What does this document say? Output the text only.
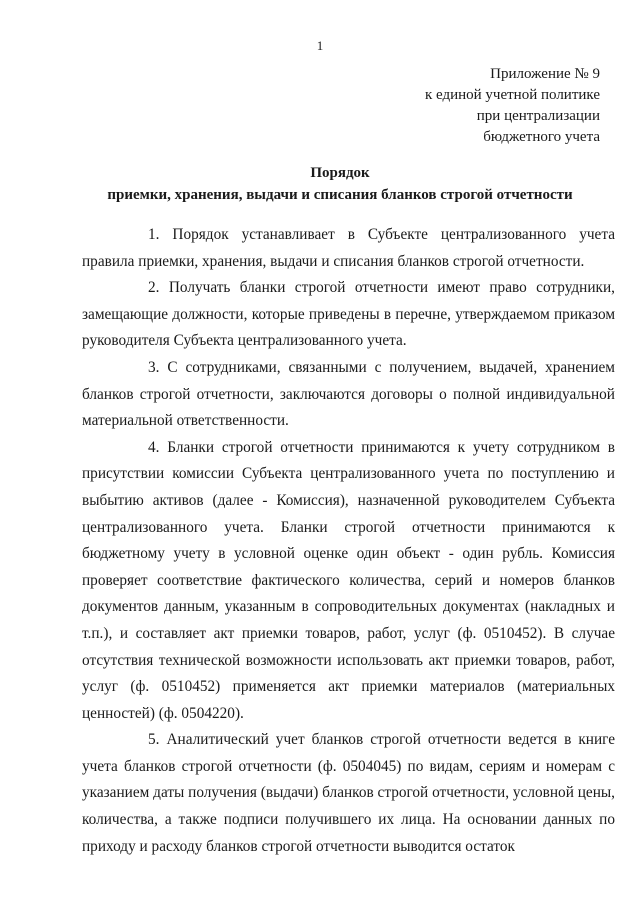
1
Приложение № 9
к единой учетной политике
при централизации
бюджетного учета
Порядок
приемки, хранения, выдачи и списания бланков строгой отчетности

1. Порядок устанавливает в Субъекте централизованного учета правила приемки, хранения, выдачи и списания бланков строгой отчетности.

2. Получать бланки строгой отчетности имеют право сотрудники, замещающие должности, которые приведены в перечне, утверждаемом приказом руководителя Субъекта централизованного учета.

3. С сотрудниками, связанными с получением, выдачей, хранением бланков строгой отчетности, заключаются договоры о полной индивидуальной материальной ответственности.

4. Бланки строгой отчетности принимаются к учету сотрудником в присутствии комиссии Субъекта централизованного учета по поступлению и выбытию активов (далее - Комиссия), назначенной руководителем Субъекта централизованного учета. Бланки строгой отчетности принимаются к бюджетному учету в условной оценке один объект - один рубль. Комиссия проверяет соответствие фактического количества, серий и номеров бланков документов данным, указанным в сопроводительных документах (накладных и т.п.), и составляет акт приемки товаров, работ, услуг (ф. 0510452). В случае отсутствия технической возможности использовать акт приемки товаров, работ, услуг (ф. 0510452) применяется акт приемки материалов (материальных ценностей) (ф. 0504220).

5. Аналитический учет бланков строгой отчетности ведется в книге учета бланков строгой отчетности (ф. 0504045) по видам, сериям и номерам с указанием даты получения (выдачи) бланков строгой отчетности, условной цены, количества, а также подписи получившего их лица. На основании данных по приходу и расходу бланков строгой отчетности выводится остаток
